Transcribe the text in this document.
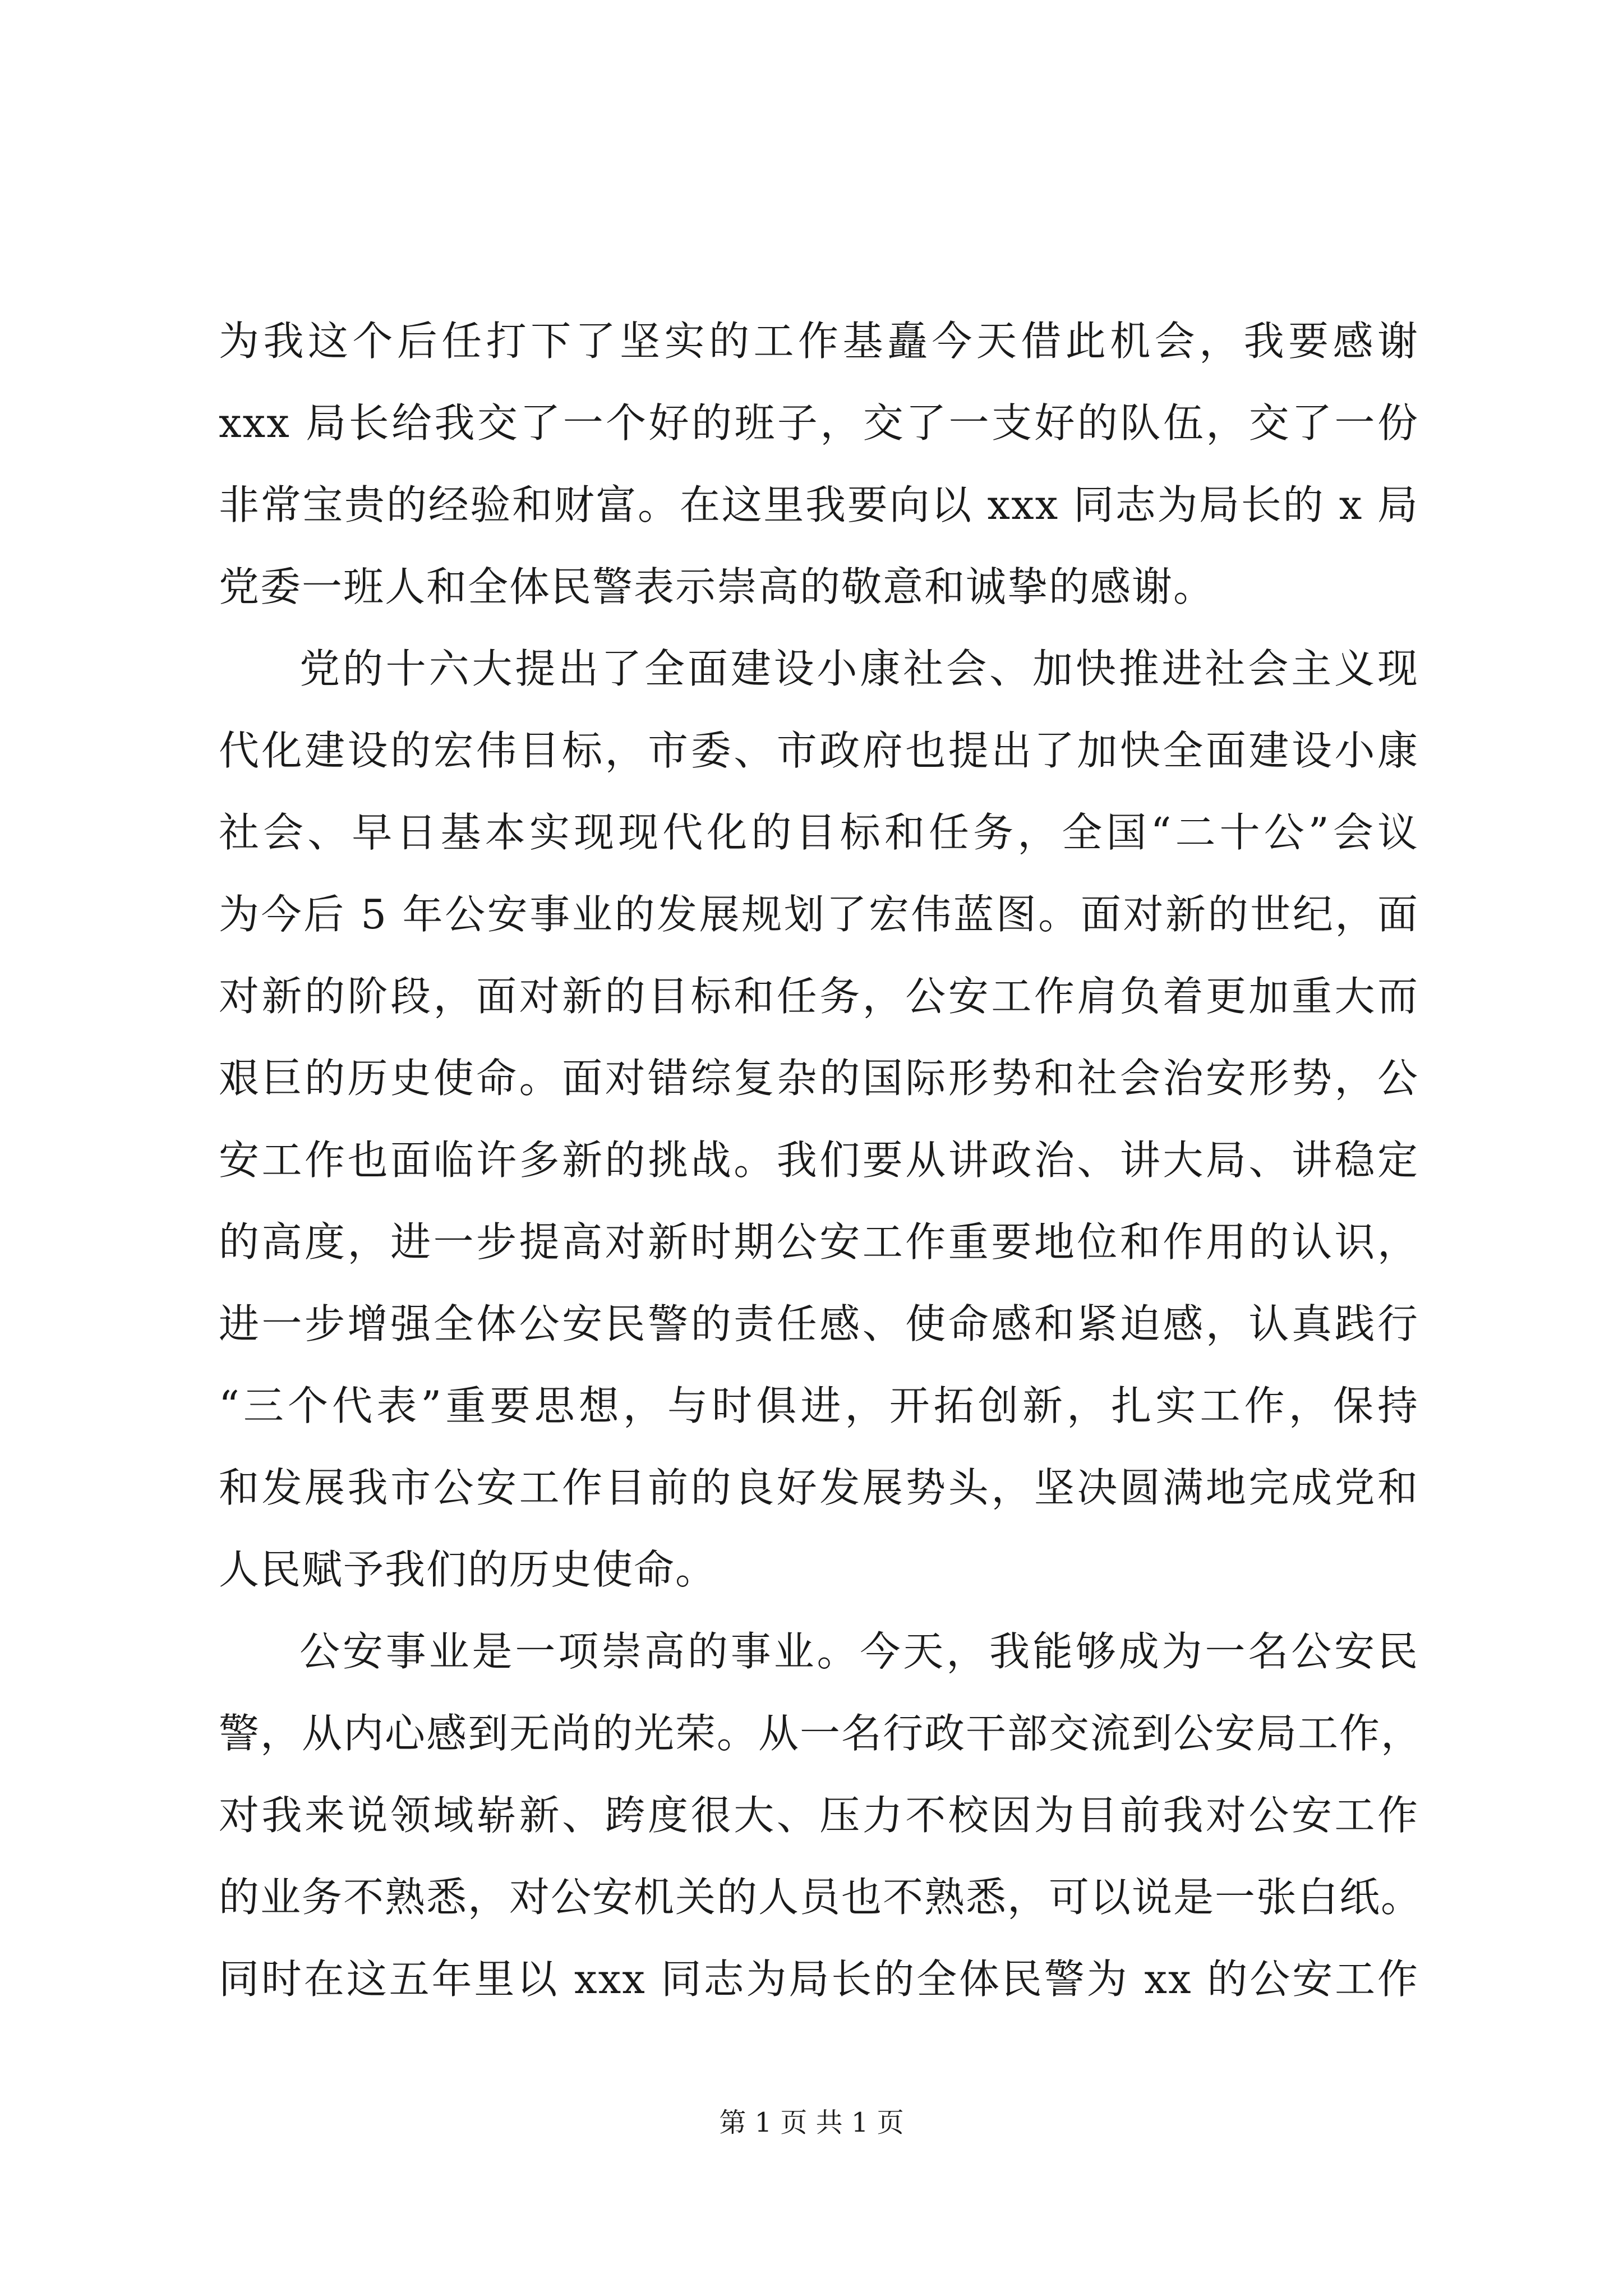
为我这个后任打下了坚实的工作基矗今天借此机会，我要感谢
xxx 局长给我交了一个好的班子，交了一支好的队伍，交了一份
非常宝贵的经验和财富。在这里我要向以 xxx 同志为局长的 x 局
党委一班人和全体民警表示崇高的敬意和诚挚的感谢。
党的十六大提出了全面建设小康社会、加快推进社会主义现
代化建设的宏伟目标，市委、市政府也提出了加快全面建设小康
社会、早日基本实现现代化的目标和任务，全国“二十公”会议
为今后 5 年公安事业的发展规划了宏伟蓝图。面对新的世纪，面
对新的阶段，面对新的目标和任务，公安工作肩负着更加重大而
艰巨的历史使命。面对错综复杂的国际形势和社会治安形势，公
安工作也面临许多新的挑战。我们要从讲政治、讲大局、讲稳定
的高度，进一步提高对新时期公安工作重要地位和作用的认识，
进一步增强全体公安民警的责任感、使命感和紧迫感，认真践行
“三个代表”重要思想，与时俱进，开拓创新，扎实工作，保持
和发展我市公安工作目前的良好发展势头，坚决圆满地完成党和
人民赋予我们的历史使命。
公安事业是一项崇高的事业。今天，我能够成为一名公安民
警，从内心感到无尚的光荣。从一名行政干部交流到公安局工作，
对我来说领域崭新、跨度很大、压力不校因为目前我对公安工作
的业务不熟悉，对公安机关的人员也不熟悉，可以说是一张白纸。
同时在这五年里以 xxx 同志为局长的全体民警为 xx 的公安工作
第 1 页 共 1 页
